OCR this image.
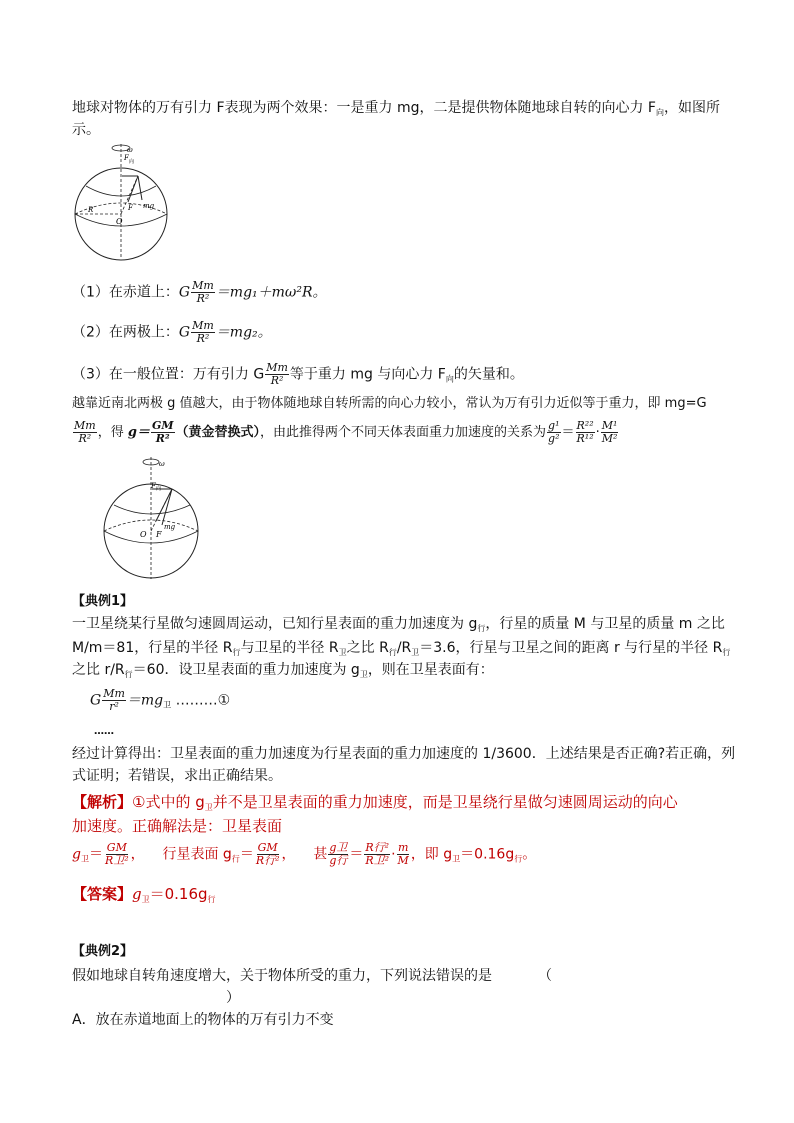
地球对物体的万有引力 F表现为两个效果：一是重力 mg，二是提供物体随地球自转的向心力 $F_向$，如图所
示。
ω
F 向
mg
F
O
R
（1）在赤道上：G $\frac{Mm}{\text{R²}} =mg_1+m\omega^2R$。
（2）在两极上：G $\frac{Mm}{\text{R²}} =mg_2$。
（3）在一般位置：万有引力 G $\frac{Mm}{\text{R²}}$ 等于重力 mg 与向心力 $F_向$的矢量和。
越靠近南北两极 g 值越大，由于物体随地球自转所需的向心力较小，常认为万有引力近似等于重力，即 mg=G
$\frac{Mm}{\text{R²}}$ ，得 $g= \frac{GM}{\text{R²}}$ （黄金替换式），由此推得两个不同天体表面重力加速度的关系为 $\frac{\text{g¹}}{\text{g²}} = \frac{\text{R²²}}{\text{R¹²}} \cdot \frac{\text{M¹}}{\text{M²}}$
ω
F 向
mg
O F
【典例1】
一卫星绕某行星做匀速圆周运动，已知行星表面的重力加速度为 $g_行$，行星的质量 M 与卫星的质量 m 之比
M/m＝81，行星的半径 $R_行$与卫星的半径 $R_卫$之比 $R_行/R_卫=3.6$，行星与卫星之间的距离 r 与行星的半径 $R_行$
之比 $r/R_行=60$．设卫星表面的重力加速度为 $g_卫$，则在卫星表面有：
G $\frac{Mm}{\text{r²}} =mg_卫$ ………①
……
经过计算得出：卫星表面的重力加速度为行星表面的重力加速度的 1/3600．上述结果是否正确?若正确，列
式证明；若错误，求出正确结果。
【解析】①式中的 $g_卫$并不是卫星表面的重力加速度，而是卫星绕行星做匀速圆周运动的向心
加速度。正确解法是：卫星表面
$g_卫= \frac{GM}{\text{R卫²}}$ ， 行星表面 $g_行= \frac{GM}{\text{R行²}}$ ， 甚 $\frac{\text{g卫}}{\text{g行}} = \frac{\text{R行²}}{\text{R卫²}} \cdot \frac{m}{M}$ ，即 $g_卫=0.16g_行$。
【答案】$g_卫=0.16g_行$
【典例2】
假如地球自转角速度增大，关于物体所受的重力，下列说法错误的是	（
）
A．放在赤道地面上的物体的万有引力不变
